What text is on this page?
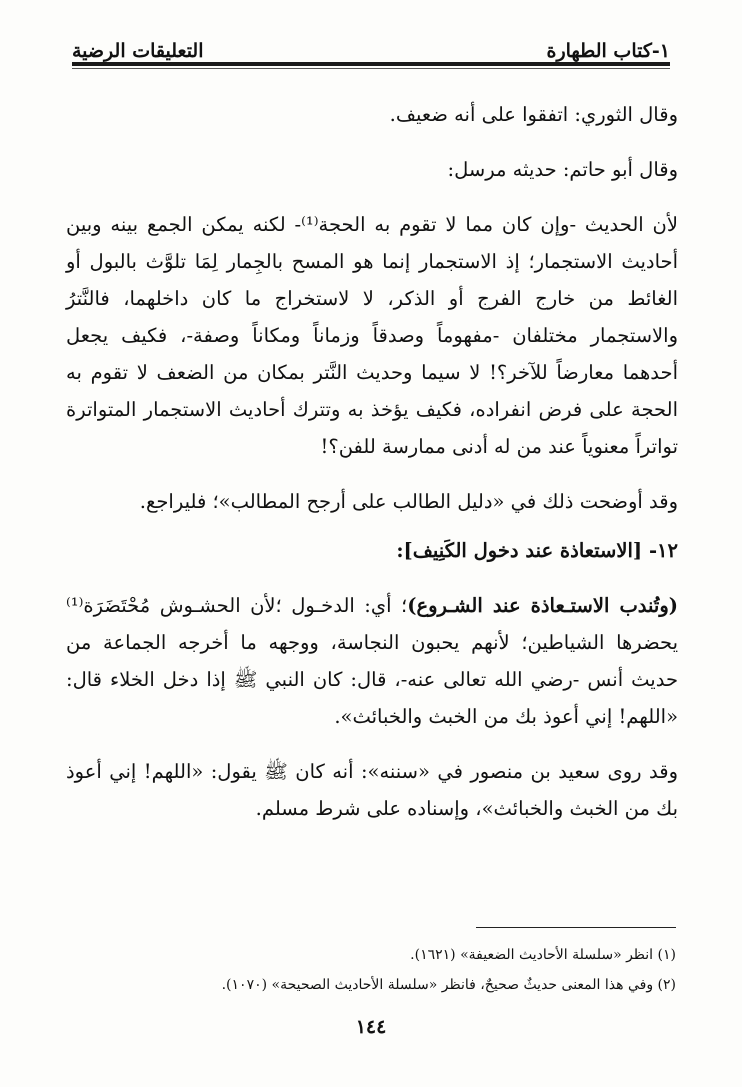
١-كتاب الطهارة
التعليقات الرضية

وقال الثوري: اتفقوا على أنه ضعيف.

وقال أبو حاتم: حديثه مرسل:

لأن الحديث -وإن كان مما لا تقوم به الحجة⁽¹⁾- لكنه يمكن الجمع بينه وبين أحاديث الاستجمار؛ إذ الاستجمار إنما هو المسح بالجِمار لِمَا تلوَّث بالبول أو الغائط من خارج الفرج أو الذكر، لا لاستخراج ما كان داخلهما، فالنَّترُ والاستجمار مختلفان -مفهوماً وصدقاً وزماناً ومكاناً وصفة-، فكيف يجعل أحدهما معارضاً للآخر؟! لا سيما وحديث النَّتر بمكان من الضعف لا تقوم به الحجة على فرض انفراده، فكيف يؤخذ به وتترك أحاديث الاستجمار المتواترة تواتراً معنوياً عند من له أدنى ممارسة للفن؟!

وقد أوضحت ذلك في «دليل الطالب على أرجح المطالب»؛ فليراجع.

١٢- [الاستعاذة عند دخول الكَنِيف]:

(وتُندب الاستـعاذة عند الشـروع)؛ أي: الدخـول ؛لأن الحشـوش مُحْتَضَرَة⁽¹⁾ يحضرها الشياطين؛ لأنهم يحبون النجاسة، ووجهه ما أخرجه الجماعة من حديث أنس -رضي الله تعالى عنه-، قال: كان النبي ﷺ إذا دخل الخلاء قال: «اللهم! إني أعوذ بك من الخبث والخبائث».

وقد روى سعيد بن منصور في «سننه»: أنه كان ﷺ يقول: «اللهم! إني أعوذ بك من الخبث والخبائث»، وإسناده على شرط مسلم.

(١) انظر «سلسلة الأحاديث الضعيفة» (١٦٢١).
(٢) وفي هذا المعنى حديثٌ صحيحٌ، فانظر «سلسلة الأحاديث الصحيحة» (١٠٧٠).
١٤٤
